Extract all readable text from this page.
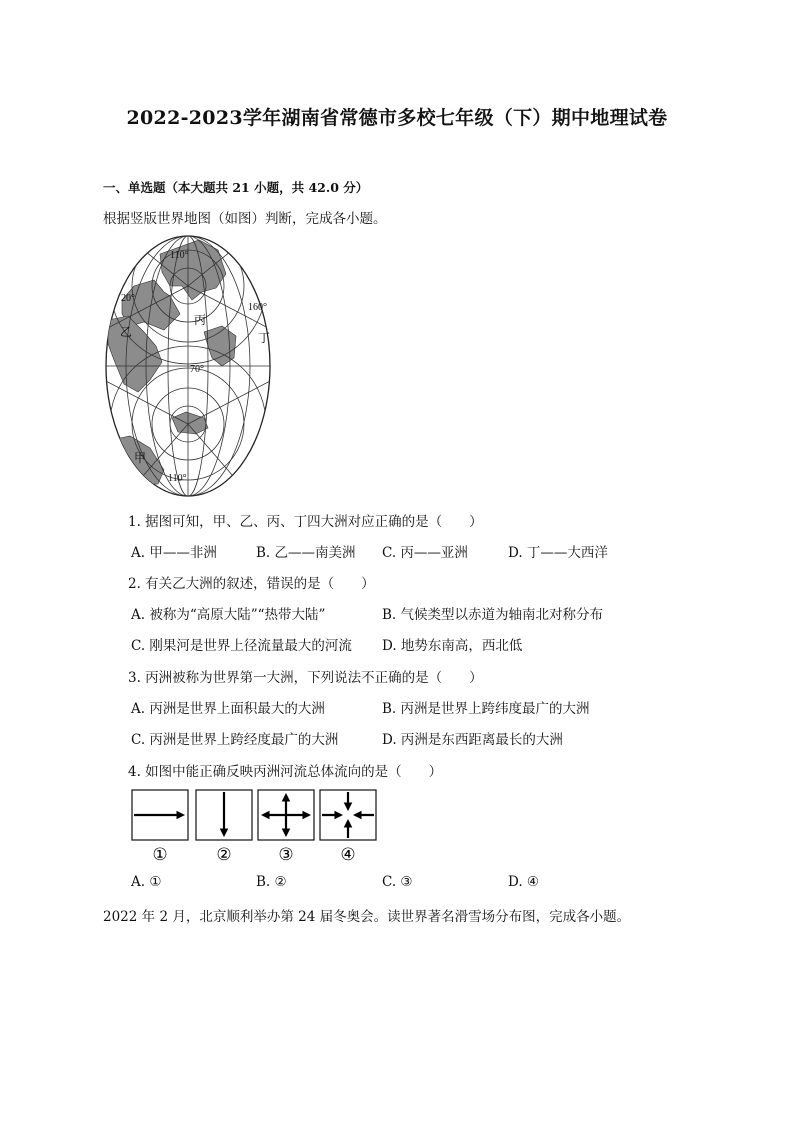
2022-2023学年湖南省常德市多校七年级（下）期中地理试卷
一、单选题（本大题共 21 小题，共 42.0 分）
根据竖版世界地图（如图）判断，完成各小题。
110°
20°
160°
乙
丙
丁
70°
甲
110°
1. 据图可知，甲、乙、丙、丁四大洲对应正确的是（　　）
A. 甲——非洲	B. 乙——南美洲 C. 丙——亚洲	D. 丁——大西洋
2. 有关乙大洲的叙述，错误的是（　　）
A. 被称为“高原大陆”“热带大陆”	B. 气候类型以赤道为轴南北对称分布
C. 刚果河是世界上径流量最大的河流 D. 地势东南高，西北低
3. 丙洲被称为世界第一大洲，下列说法不正确的是（　　）
A. 丙洲是世界上面积最大的大洲	B. 丙洲是世界上跨纬度最广的大洲
C. 丙洲是世界上跨经度最广的大洲	D. 丙洲是东西距离最长的大洲
4. 如图中能正确反映丙洲河流总体流向的是（　　）
①	②	③	④
A. ①	B. ②	C. ③	D. ④
2022 年 2 月，北京顺利举办第 24 届冬奥会。读世界著名滑雪场分布图，完成各小题。
